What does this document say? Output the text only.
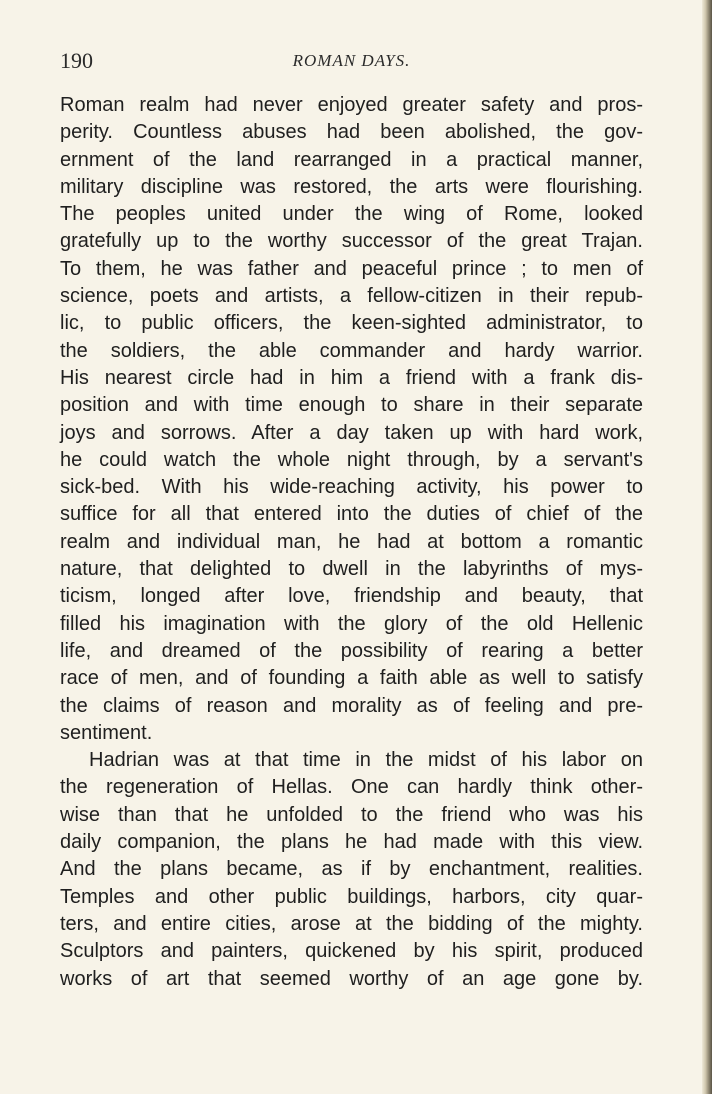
190	ROMAN DAYS.
Roman realm had never enjoyed greater safety and pros-
perity. Countless abuses had been abolished, the gov-
ernment of the land rearranged in a practical manner,
military discipline was restored, the arts were flourishing.
The peoples united under the wing of Rome, looked
gratefully up to the worthy successor of the great Trajan.
To them, he was father and peaceful prince ; to men of
science, poets and artists, a fellow-citizen in their repub-
lic, to public officers, the keen-sighted administrator, to
the soldiers, the able commander and hardy warrior.
His nearest circle had in him a friend with a frank dis-
position and with time enough to share in their separate
joys and sorrows. After a day taken up with hard work,
he could watch the whole night through, by a servant's
sick-bed. With his wide-reaching activity, his power to
suffice for all that entered into the duties of chief of the
realm and individual man, he had at bottom a romantic
nature, that delighted to dwell in the labyrinths of mys-
ticism, longed after love, friendship and beauty, that
filled his imagination with the glory of the old Hellenic
life, and dreamed of the possibility of rearing a better
race of men, and of founding a faith able as well to satisfy
the claims of reason and morality as of feeling and pre-
sentiment.
Hadrian was at that time in the midst of his labor on
the regeneration of Hellas. One can hardly think other-
wise than that he unfolded to the friend who was his
daily companion, the plans he had made with this view.
And the plans became, as if by enchantment, realities.
Temples and other public buildings, harbors, city quar-
ters, and entire cities, arose at the bidding of the mighty.
Sculptors and painters, quickened by his spirit, produced
works of art that seemed worthy of an age gone by.
